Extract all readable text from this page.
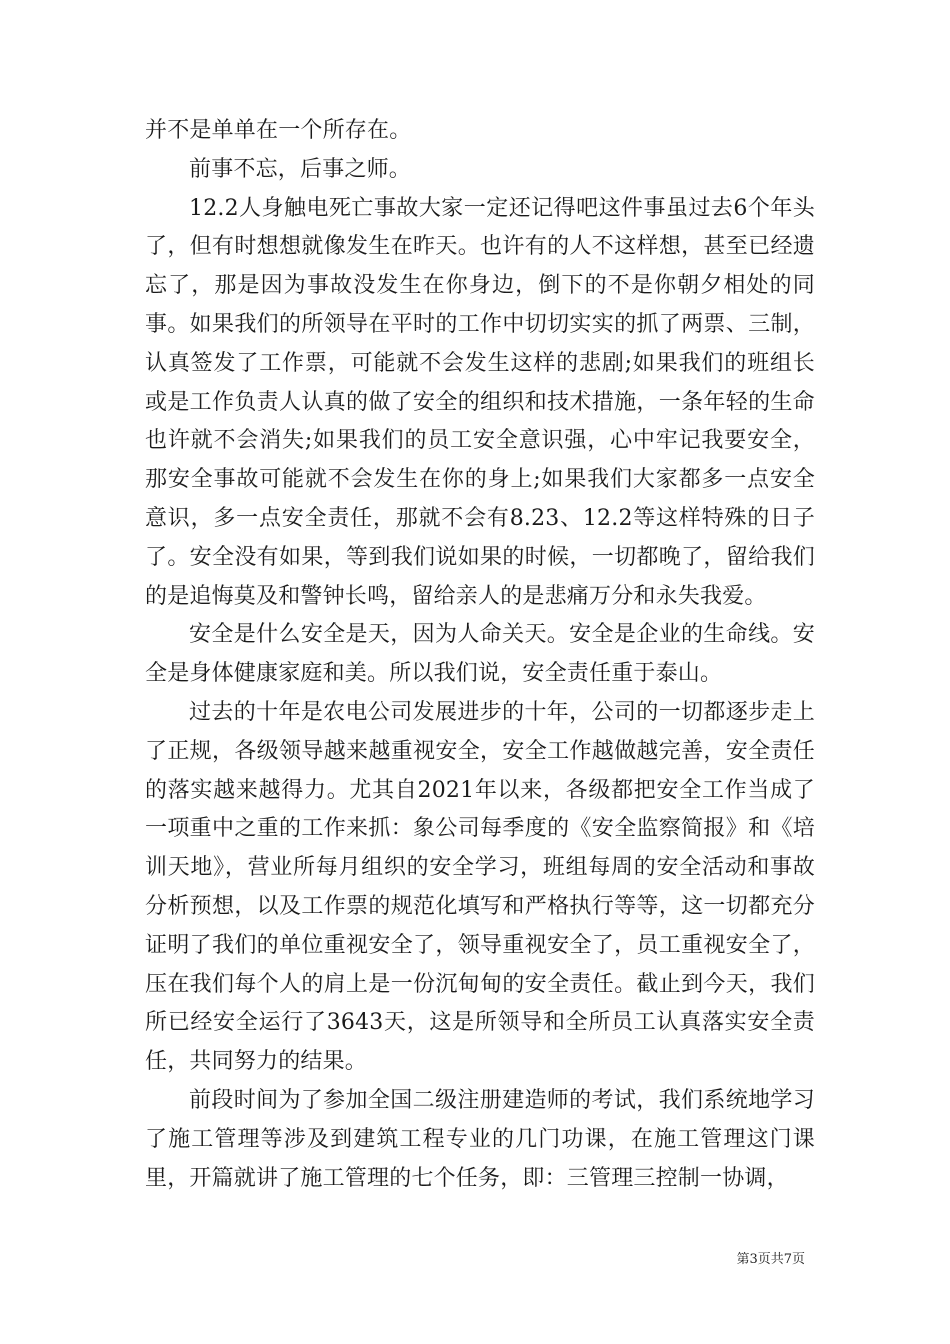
并不是单单在一个所存在。

前事不忘，后事之师。

12.2人身触电死亡事故大家一定还记得吧这件事虽过去6个年头了，但有时想想就像发生在昨天。也许有的人不这样想，甚至已经遗忘了，那是因为事故没发生在你身边，倒下的不是你朝夕相处的同事。如果我们的所领导在平时的工作中切切实实的抓了两票、三制，认真签发了工作票，可能就不会发生这样的悲剧;如果我们的班组长或是工作负责人认真的做了安全的组织和技术措施，一条年轻的生命也许就不会消失;如果我们的员工安全意识强，心中牢记我要安全，那安全事故可能就不会发生在你的身上;如果我们大家都多一点安全意识，多一点安全责任，那就不会有8.23、12.2等这样特殊的日子了。安全没有如果，等到我们说如果的时候，一切都晚了，留给我们的是追悔莫及和警钟长鸣，留给亲人的是悲痛万分和永失我爱。

安全是什么安全是天，因为人命关天。安全是企业的生命线。安全是身体健康家庭和美。所以我们说，安全责任重于泰山。

过去的十年是农电公司发展进步的十年，公司的一切都逐步走上了正规，各级领导越来越重视安全，安全工作越做越完善，安全责任的落实越来越得力。尤其自2021年以来，各级都把安全工作当成了一项重中之重的工作来抓：象公司每季度的《安全监察简报》和《培训天地》，营业所每月组织的安全学习，班组每周的安全活动和事故分析预想，以及工作票的规范化填写和严格执行等等，这一切都充分证明了我们的单位重视安全了，领导重视安全了，员工重视安全了，压在我们每个人的肩上是一份沉甸甸的安全责任。截止到今天，我们所已经安全运行了3643天，这是所领导和全所员工认真落实安全责任，共同努力的结果。

前段时间为了参加全国二级注册建造师的考试，我们系统地学习了施工管理等涉及到建筑工程专业的几门功课，在施工管理这门课里，开篇就讲了施工管理的七个任务，即：三管理三控制一协调，

第3页共7页
